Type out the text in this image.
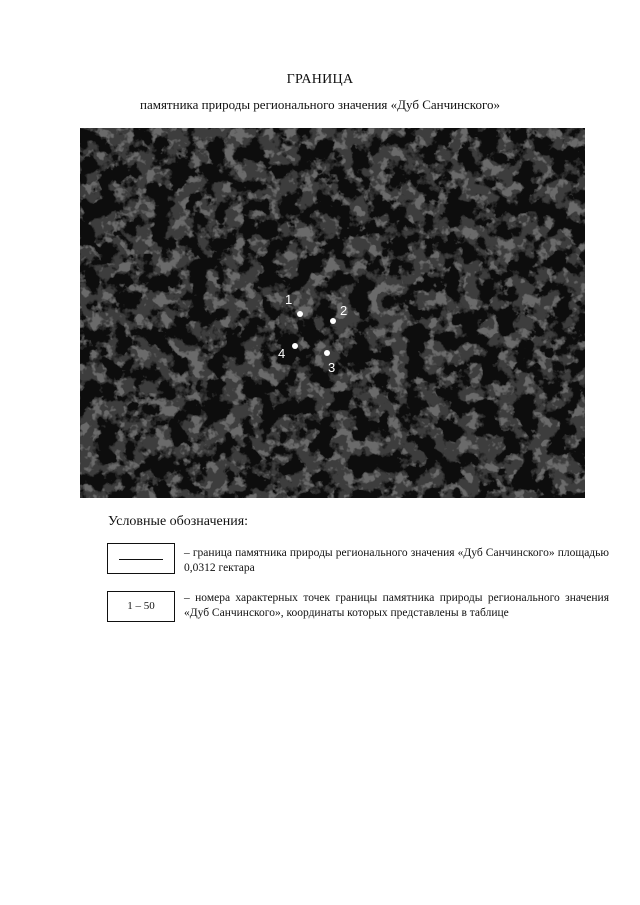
ГРАНИЦА
памятника природы регионального значения «Дуб Санчинского»
1
2
3
4
Условные обозначения:
– граница памятника природы регионального значения «Дуб Санчинского» площадью 0,0312 гектара
1 – 50
– номера характерных точек границы памятника природы регионального значения «Дуб Санчинского», координаты которых представлены в таблице
